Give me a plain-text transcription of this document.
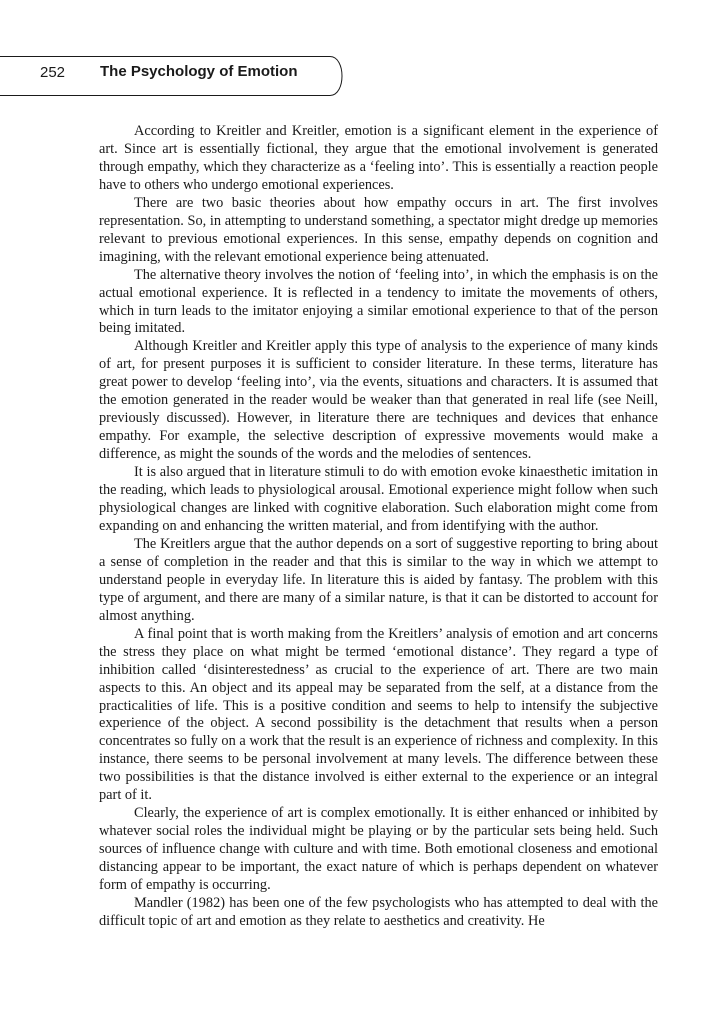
252 The Psychology of Emotion

According to Kreitler and Kreitler, emotion is a significant element in the experience of art. Since art is essentially fictional, they argue that the emotional involvement is generated through empathy, which they characterize as a ‘feeling into’. This is essentially a reaction people have to others who undergo emotional experiences.

There are two basic theories about how empathy occurs in art. The first involves representation. So, in attempting to understand something, a spectator might dredge up memories relevant to previous emotional experiences. In this sense, empathy depends on cognition and imagining, with the relevant emotional experience being attenuated.

The alternative theory involves the notion of ‘feeling into’, in which the emphasis is on the actual emotional experience. It is reflected in a tendency to imitate the movements of others, which in turn leads to the imitator enjoying a similar emotional experience to that of the person being imitated.

Although Kreitler and Kreitler apply this type of analysis to the experience of many kinds of art, for present purposes it is sufficient to consider literature. In these terms, literature has great power to develop ‘feeling into’, via the events, situations and characters. It is assumed that the emotion generated in the reader would be weaker than that generated in real life (see Neill, previously discussed). However, in literature there are techniques and devices that enhance empathy. For example, the selective description of expressive movements would make a difference, as might the sounds of the words and the melodies of sentences.

It is also argued that in literature stimuli to do with emotion evoke kinaesthetic imitation in the reading, which leads to physiological arousal. Emotional experience might follow when such physiological changes are linked with cognitive elaboration. Such elaboration might come from expanding on and enhancing the written material, and from identifying with the author.

The Kreitlers argue that the author depends on a sort of suggestive reporting to bring about a sense of completion in the reader and that this is similar to the way in which we attempt to understand people in everyday life. In literature this is aided by fantasy. The problem with this type of argument, and there are many of a similar nature, is that it can be distorted to account for almost anything.

A final point that is worth making from the Kreitlers’ analysis of emotion and art concerns the stress they place on what might be termed ‘emotional distance’. They regard a type of inhibition called ‘disinterestedness’ as crucial to the experience of art. There are two main aspects to this. An object and its appeal may be separated from the self, at a distance from the practicalities of life. This is a positive condition and seems to help to intensify the subjective experience of the object. A second possibility is the detachment that results when a person concentrates so fully on a work that the result is an experience of richness and complexity. In this instance, there seems to be personal involvement at many levels. The difference between these two possibilities is that the distance involved is either external to the experience or an integral part of it.

Clearly, the experience of art is complex emotionally. It is either enhanced or inhibited by whatever social roles the individual might be playing or by the particular sets being held. Such sources of influence change with culture and with time. Both emotional closeness and emotional distancing appear to be important, the exact nature of which is perhaps dependent on whatever form of empathy is occurring.

Mandler (1982) has been one of the few psychologists who has attempted to deal with the difficult topic of art and emotion as they relate to aesthetics and creativity. He
